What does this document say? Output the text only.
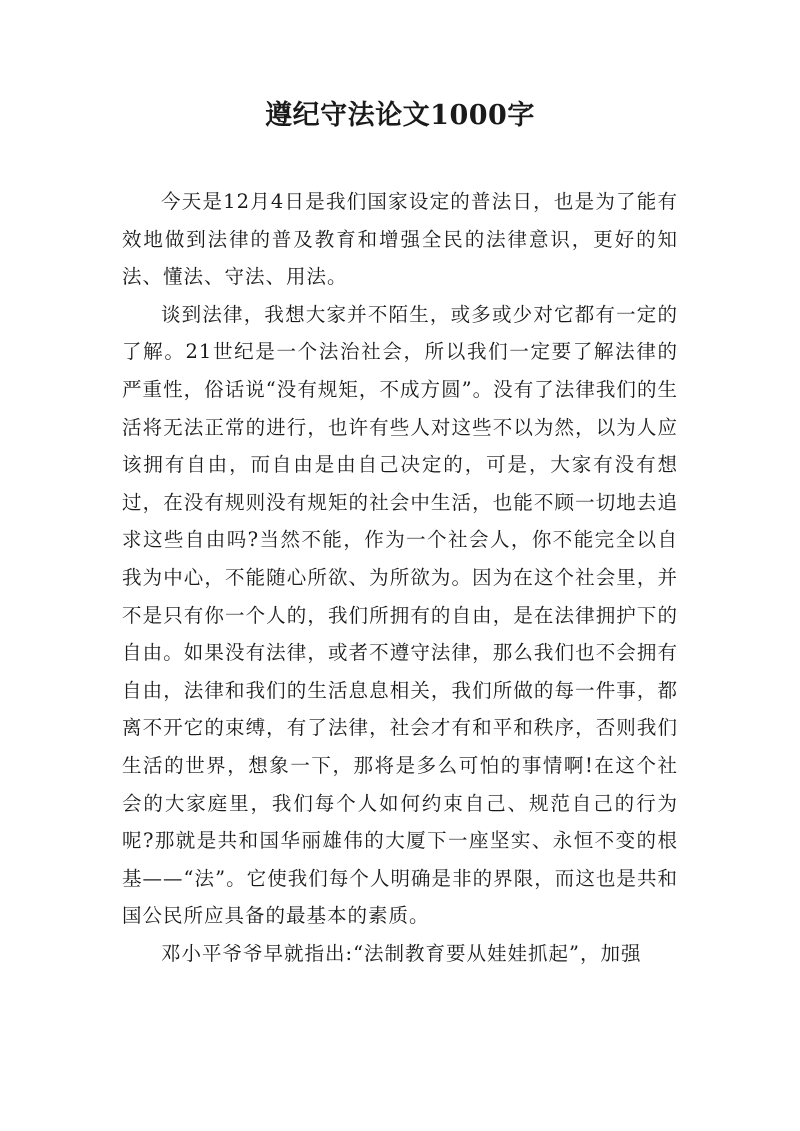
遵纪守法论文1000字

今天是12月4日是我们国家设定的普法日，也是为了能有效地做到法律的普及教育和增强全民的法律意识，更好的知法、懂法、守法、用法。

谈到法律，我想大家并不陌生，或多或少对它都有一定的了解。21世纪是一个法治社会，所以我们一定要了解法律的严重性，俗话说“没有规矩，不成方圆”。没有了法律我们的生活将无法正常的进行，也许有些人对这些不以为然，以为人应该拥有自由，而自由是由自己决定的，可是，大家有没有想过，在没有规则没有规矩的社会中生活，也能不顾一切地去追求这些自由吗?当然不能，作为一个社会人，你不能完全以自我为中心，不能随心所欲、为所欲为。因为在这个社会里，并不是只有你一个人的，我们所拥有的自由，是在法律拥护下的自由。如果没有法律，或者不遵守法律，那么我们也不会拥有自由，法律和我们的生活息息相关，我们所做的每一件事，都离不开它的束缚，有了法律，社会才有和平和秩序，否则我们生活的世界，想象一下，那将是多么可怕的事情啊!在这个社会的大家庭里，我们每个人如何约束自己、规范自己的行为呢?那就是共和国华丽雄伟的大厦下一座坚实、永恒不变的根基——“法”。它使我们每个人明确是非的界限，而这也是共和国公民所应具备的最基本的素质。

邓小平爷爷早就指出:“法制教育要从娃娃抓起”，加强
